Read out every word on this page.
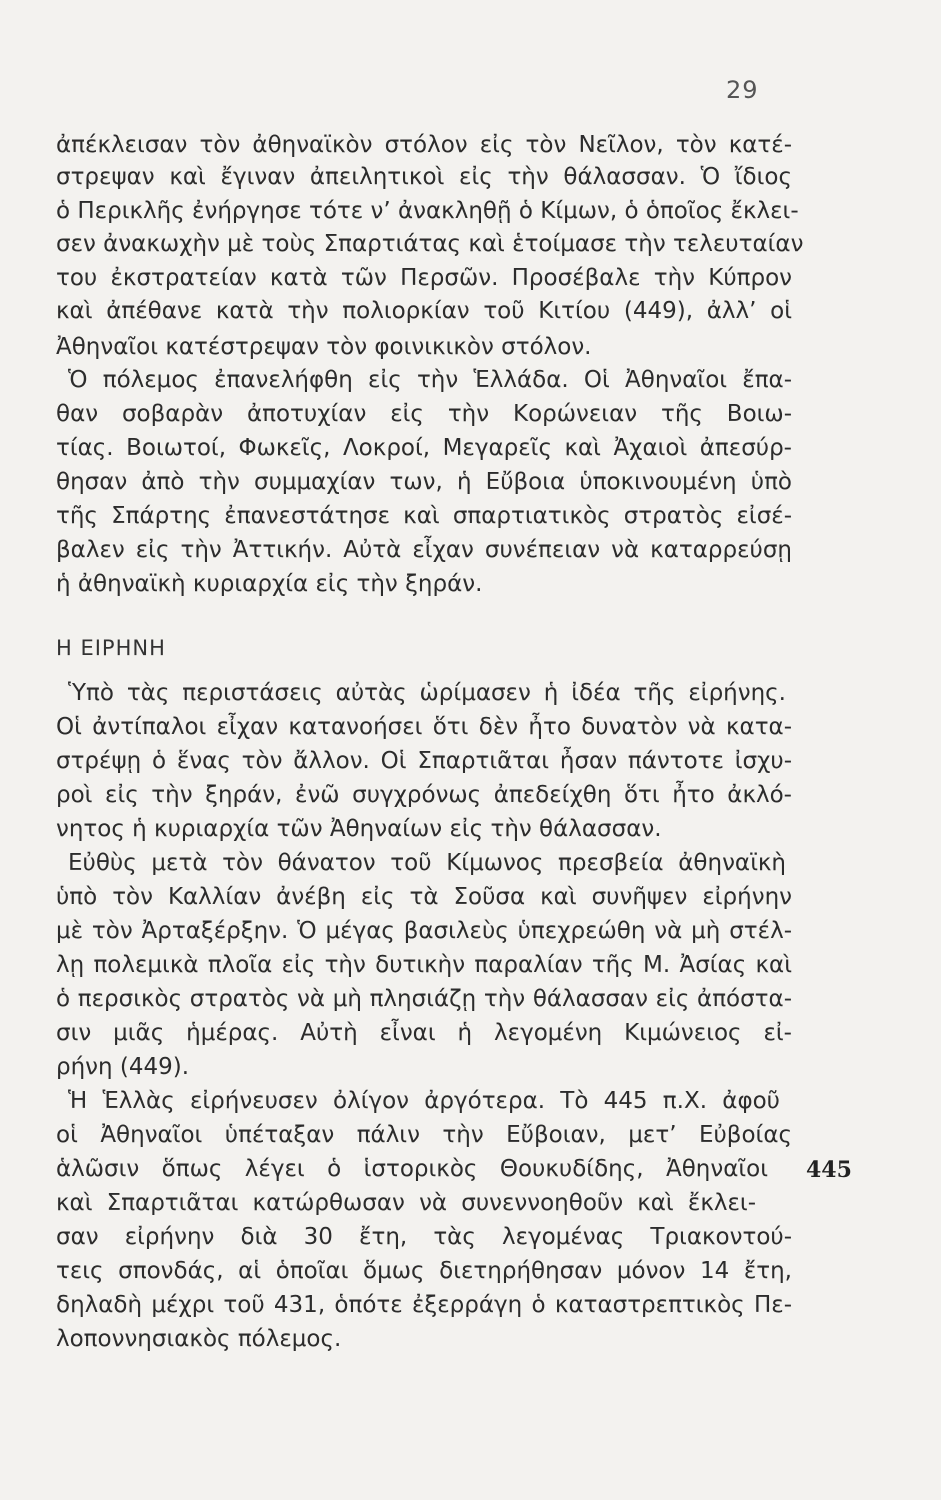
29
ἀπέκλεισαν τὸν ἀθηναϊκὸν στόλον εἰς τὸν Νεῖλον, τὸν κατέ-
στρεψαν καὶ ἔγιναν ἀπειλητικοὶ εἰς τὴν θάλασσαν. Ὁ ἴδιος
ὁ Περικλῆς ἐνήργησε τότε ν’ ἀνακληθῇ ὁ Κίμων, ὁ ὁποῖος ἔκλει-
σεν ἀνακωχὴν μὲ τοὺς Σπαρτιάτας καὶ ἑτοίμασε τὴν τελευταίαν
του ἐκστρατείαν κατὰ τῶν Περσῶν. Προσέβαλε τὴν Κύπρον
καὶ ἀπέθανε κατὰ τὴν πολιορκίαν τοῦ Κιτίου (449), ἀλλ’ οἱ
Ἀθηναῖοι κατέστρεψαν τὸν φοινικικὸν στόλον.
Ὁ πόλεμος ἐπανελήφθη εἰς τὴν Ἑλλάδα. Οἱ Ἀθηναῖοι ἔπα-
θαν σοβαρὰν ἀποτυχίαν εἰς τὴν Κορώνειαν τῆς Βοιω-
τίας. Βοιωτοί, Φωκεῖς, Λοκροί, Μεγαρεῖς καὶ Ἀχαιοὶ ἀπεσύρ-
θησαν ἀπὸ τὴν συμμαχίαν των, ἡ Εὔβοια ὑποκινουμένη ὑπὸ
τῆς Σπάρτης ἐπανεστάτησε καὶ σπαρτιατικὸς στρατὸς εἰσέ-
βαλεν εἰς τὴν Ἀττικήν. Αὐτὰ εἶχαν συνέπειαν νὰ καταρρεύσῃ
ἡ ἀθηναϊκὴ κυριαρχία εἰς τὴν ξηράν.
Η ΕΙΡΗΝΗ
Ὑπὸ τὰς περιστάσεις αὐτὰς ὡρίμασεν ἡ ἰδέα τῆς εἰρήνης.
Οἱ ἀντίπαλοι εἶχαν κατανοήσει ὅτι δὲν ἦτο δυνατὸν νὰ κατα-
στρέψῃ ὁ ἕνας τὸν ἄλλον. Οἱ Σπαρτιᾶται ἦσαν πάντοτε ἰσχυ-
ροὶ εἰς τὴν ξηράν, ἐνῶ συγχρόνως ἀπεδείχθη ὅτι ἦτο ἀκλό-
νητος ἡ κυριαρχία τῶν Ἀθηναίων εἰς τὴν θάλασσαν.
Εὐθὺς μετὰ τὸν θάνατον τοῦ Κίμωνος πρεσβεία ἀθηναϊκὴ
ὑπὸ τὸν Καλλίαν ἀνέβη εἰς τὰ Σοῦσα καὶ συνῆψεν εἰρήνην
μὲ τὸν Ἀρταξέρξην. Ὁ μέγας βασιλεὺς ὑπεχρεώθη νὰ μὴ στέλ-
λῃ πολεμικὰ πλοῖα εἰς τὴν δυτικὴν παραλίαν τῆς Μ. Ἀσίας καὶ
ὁ περσικὸς στρατὸς νὰ μὴ πλησιάζῃ τὴν θάλασσαν εἰς ἀπόστα-
σιν μιᾶς ἡμέρας. Αὐτὴ εἶναι ἡ λεγομένη Κιμώνειος εἰ-
ρήνη (449).
Ἡ Ἑλλὰς εἰρήνευσεν ὀλίγον ἀργότερα. Τὸ 445 π.Χ. ἀφοῦ
οἱ Ἀθηναῖοι ὑπέταξαν πάλιν τὴν Εὔβοιαν, μετ’ Εὐβοίας
ἁλῶσιν ὅπως λέγει ὁ ἱστορικὸς Θουκυδίδης, Ἀθηναῖοι
καὶ Σπαρτιᾶται κατώρθωσαν νὰ συνεννοηθοῦν καὶ ἔκλει-
σαν εἰρήνην διὰ 30 ἔτη, τὰς λεγομένας Τριακοντού-
τεις σπονδάς, αἱ ὁποῖαι ὅμως διετηρήθησαν μόνον 14 ἔτη,
δηλαδὴ μέχρι τοῦ 431, ὁπότε ἐξερράγη ὁ καταστρεπτικὸς Πε-
λοποννησιακὸς πόλεμος.
445
